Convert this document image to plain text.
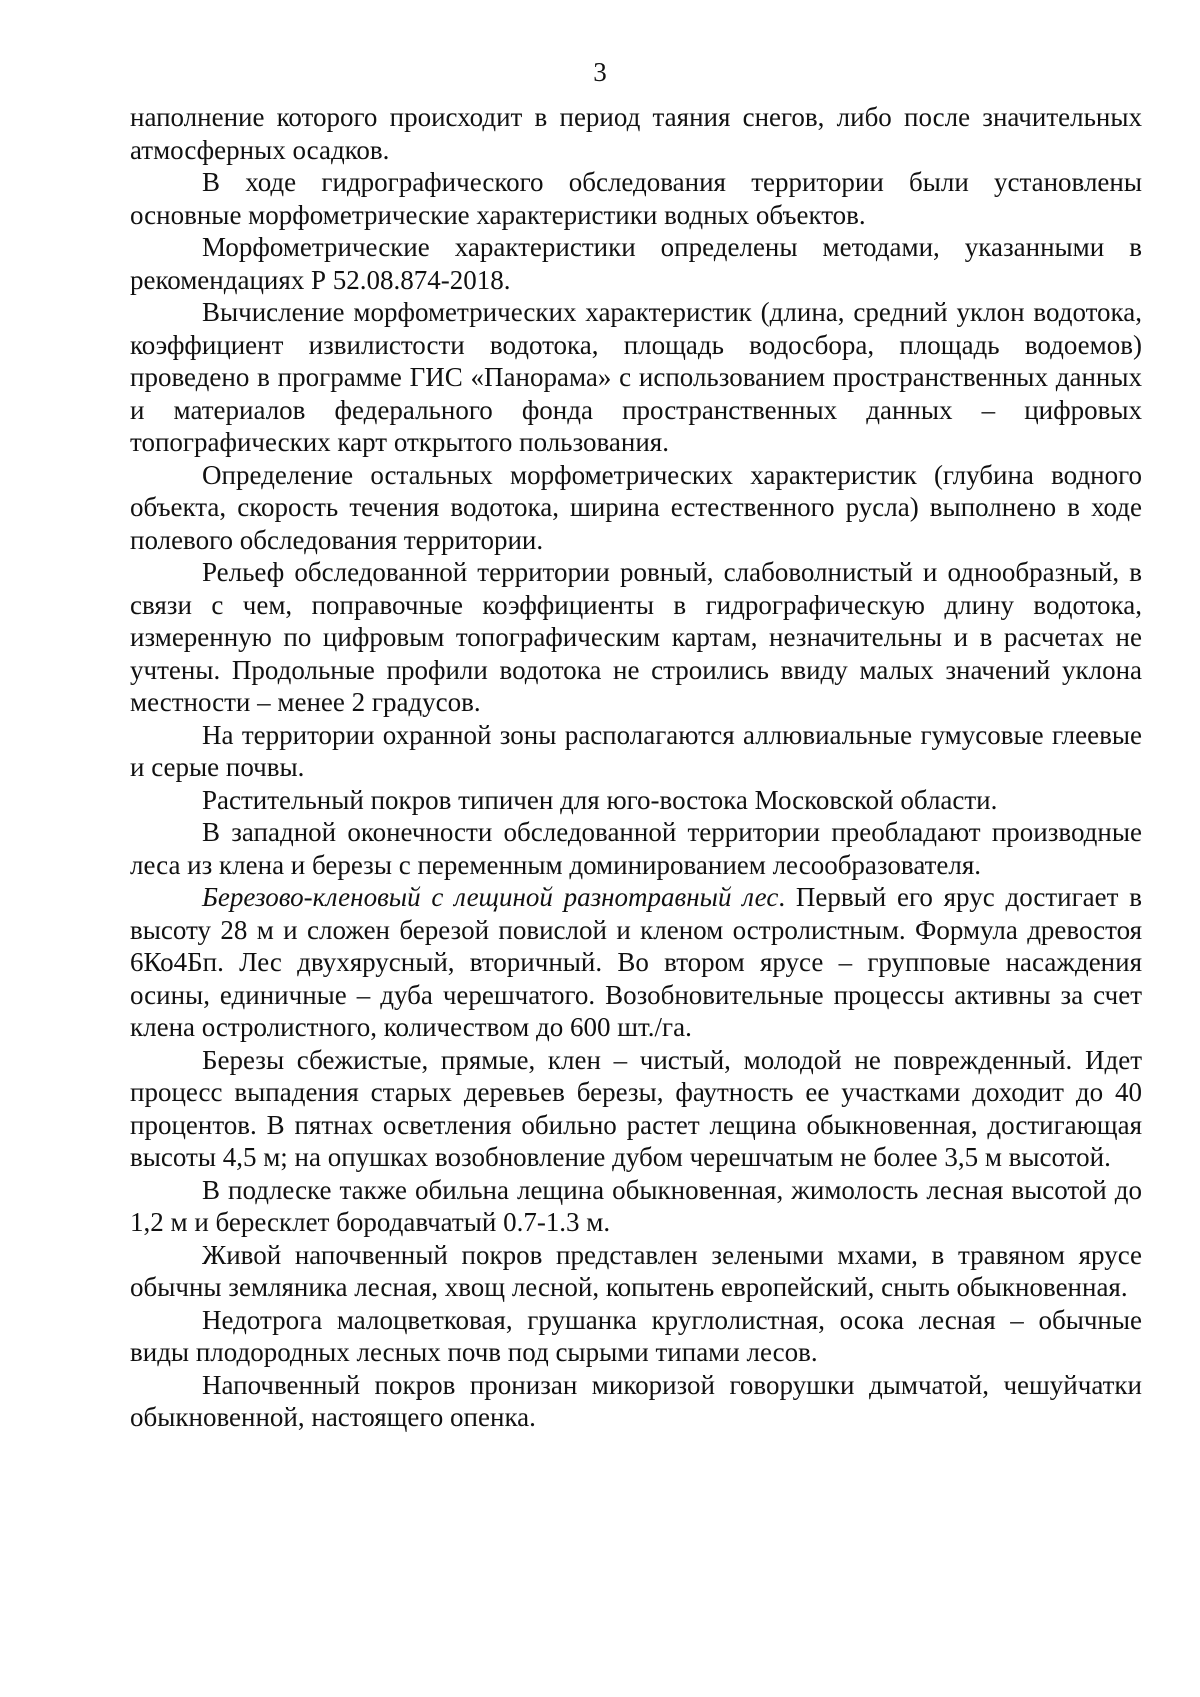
3

наполнение которого происходит в период таяния снегов, либо после значительных атмосферных осадков.

В ходе гидрографического обследования территории были установлены основные морфометрические характеристики водных объектов.

Морфометрические характеристики определены методами, указанными в рекомендациях Р 52.08.874-2018.

Вычисление морфометрических характеристик (длина, средний уклон водотока, коэффициент извилистости водотока, площадь водосбора, площадь водоемов) проведено в программе ГИС «Панорама» с использованием пространственных данных и материалов федерального фонда пространственных данных – цифровых топографических карт открытого пользования.

Определение остальных морфометрических характеристик (глубина водного объекта, скорость течения водотока, ширина естественного русла) выполнено в ходе полевого обследования территории.

Рельеф обследованной территории ровный, слабоволнистый и однообразный, в связи с чем, поправочные коэффициенты в гидрографическую длину водотока, измеренную по цифровым топографическим картам, незначительны и в расчетах не учтены. Продольные профили водотока не строились ввиду малых значений уклона местности – менее 2 градусов.

На территории охранной зоны располагаются аллювиальные гумусовые глеевые и серые почвы.

Растительный покров типичен для юго-востока Московской области.

В западной оконечности обследованной территории преобладают производные леса из клена и березы с переменным доминированием лесообразователя.

Березово-кленовый с лещиной разнотравный лес. Первый его ярус достигает в высоту 28 м и сложен березой повислой и кленом остролистным. Формула древостоя 6Ко4Бп. Лес двухярусный, вторичный. Во втором ярусе – групповые насаждения осины, единичные – дуба черешчатого. Возобновительные процессы активны за счет клена остролистного, количеством до 600 шт./га.

Березы сбежистые, прямые, клен – чистый, молодой не поврежденный. Идет процесс выпадения старых деревьев березы, фаутность ее участками доходит до 40 процентов. В пятнах осветления обильно растет лещина обыкновенная, достигающая высоты 4,5 м; на опушках возобновление дубом черешчатым не более 3,5 м высотой.

В подлеске также обильна лещина обыкновенная, жимолость лесная высотой до 1,2 м и бересклет бородавчатый 0.7-1.3 м.

Живой напочвенный покров представлен зелеными мхами, в травяном ярусе обычны земляника лесная, хвощ лесной, копытень европейский, сныть обыкновенная.

Недотрога малоцветковая, грушанка круглолистная, осока лесная – обычные виды плодородных лесных почв под сырыми типами лесов.

Напочвенный покров пронизан микоризой говорушки дымчатой, чешуйчатки обыкновенной, настоящего опенка.
